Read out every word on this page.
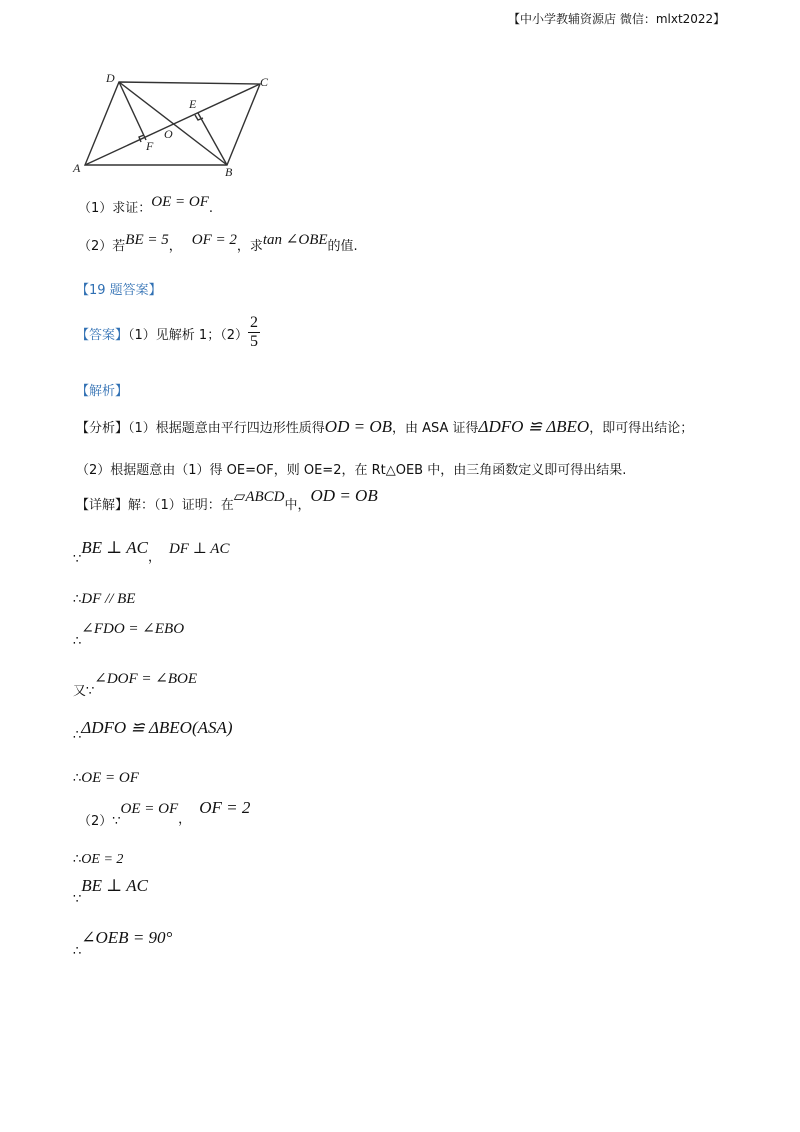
【中小学教辅资源店 微信：mlxt2022】
D	C
A	B
O
E
F
（1）求证：OE = OF.
（2）若BE = 5， OF = 2，求tan ∠OBE的值.
【19 题答案】
【答案】（1）见解析 1；$(2) \frac{2}{5}$
【解析】
【分析】（1）根据题意由平行四边形性质得OD = OB，由 ASA 证得ΔDFO ≌ ΔBEO，即可得出结论；
（2）根据题意由（1）得 OE=OF，则 OE=2，在 Rt△OEB 中，由三角函数定义即可得出结果.
【详解】解：（1）证明：在▱ABCD中，OD = OB
$_\because$BE ⊥ $AC_,DF$ ⊥ AC
∴DF // BE
$_\therefore$∠FDO = ∠EBO
$_{又\because}$∠DOF = ∠BOE
$_\therefore$ΔDFO ≌ ΔBEO(ASA)
∴OE = OF
$_{(2)\because}OE = OF_,OF = 2$
∴OE = 2
$_\because$BE ⊥ AC
$_\therefore$∠OEB = 90°
